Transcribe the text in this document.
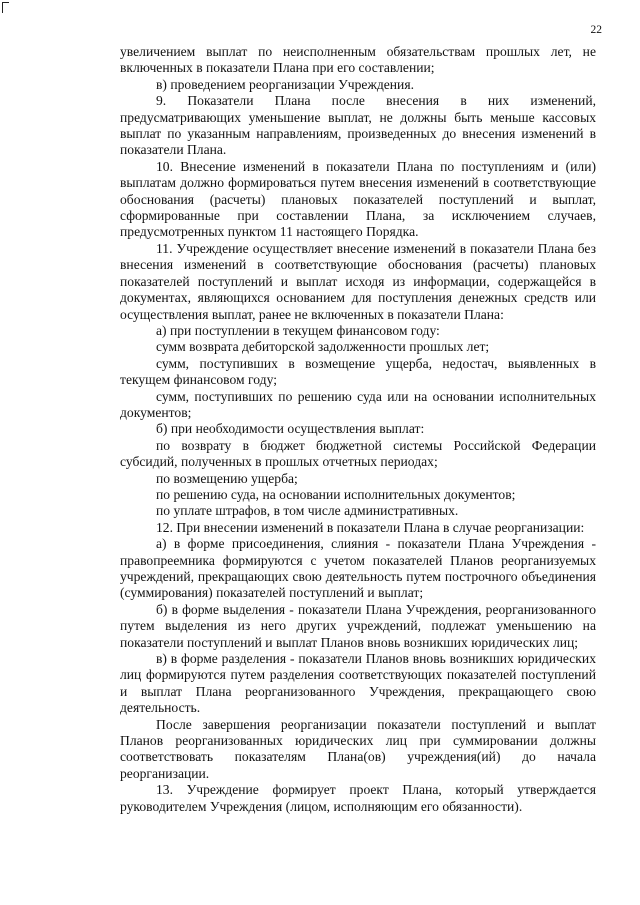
22

увеличением выплат по неисполненным обязательствам прошлых лет, не включенных в показатели Плана при его составлении;

в) проведением реорганизации Учреждения.

9. Показатели Плана после внесения в них изменений, предусматривающих уменьшение выплат, не должны быть меньше кассовых выплат по указанным направлениям, произведенных до внесения изменений в показатели Плана.

10. Внесение изменений в показатели Плана по поступлениям и (или) выплатам должно формироваться путем внесения изменений в соответствующие обоснования (расчеты) плановых показателей поступлений и выплат, сформированные при составлении Плана, за исключением случаев, предусмотренных пунктом 11 настоящего Порядка.

11. Учреждение осуществляет внесение изменений в показатели Плана без внесения изменений в соответствующие обоснования (расчеты) плановых показателей поступлений и выплат исходя из информации, содержащейся в документах, являющихся основанием для поступления денежных средств или осуществления выплат, ранее не включенных в показатели Плана:

а) при поступлении в текущем финансовом году:

сумм возврата дебиторской задолженности прошлых лет;

сумм, поступивших в возмещение ущерба, недостач, выявленных в текущем финансовом году;

сумм, поступивших по решению суда или на основании исполнительных документов;

б) при необходимости осуществления выплат:

по возврату в бюджет бюджетной системы Российской Федерации субсидий, полученных в прошлых отчетных периодах;

по возмещению ущерба;

по решению суда, на основании исполнительных документов;

по уплате штрафов, в том числе административных.

12. При внесении изменений в показатели Плана в случае реорганизации:

а) в форме присоединения, слияния - показатели Плана Учреждения - правопреемника формируются с учетом показателей Планов реорганизуемых учреждений, прекращающих свою деятельность путем построчного объединения (суммирования) показателей поступлений и выплат;

б) в форме выделения - показатели Плана Учреждения, реорганизованного путем выделения из него других учреждений, подлежат уменьшению на показатели поступлений и выплат Планов вновь возникших юридических лиц;

в) в форме разделения - показатели Планов вновь возникших юридических лиц формируются путем разделения соответствующих показателей поступлений и выплат Плана реорганизованного Учреждения, прекращающего свою деятельность.

После завершения реорганизации показатели поступлений и выплат Планов реорганизованных юридических лиц при суммировании должны соответствовать показателям Плана(ов) учреждения(ий) до начала реорганизации.

13. Учреждение формирует проект Плана, который утверждается руководителем Учреждения (лицом, исполняющим его обязанности).
